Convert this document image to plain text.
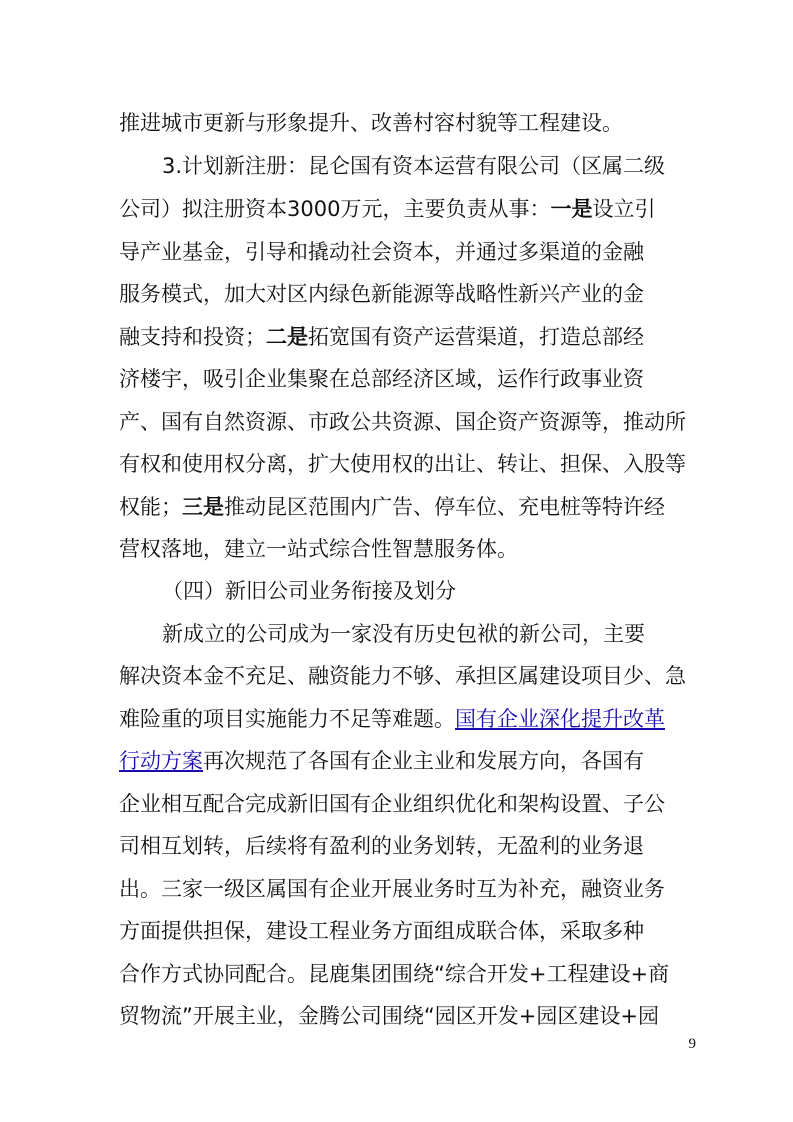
推进城市更新与形象提升、改善村容村貌等工程建设。
3.计划新注册：昆仑国有资本运营有限公司（区属二级
公司）拟注册资本3000万元，主要负责从事：一是设立引
导产业基金，引导和撬动社会资本，并通过多渠道的金融
服务模式，加大对区内绿色新能源等战略性新兴产业的金
融支持和投资；二是拓宽国有资产运营渠道，打造总部经
济楼宇，吸引企业集聚在总部经济区域，运作行政事业资
产、国有自然资源、市政公共资源、国企资产资源等，推动所
有权和使用权分离，扩大使用权的出让、转让、担保、入股等
权能；三是推动昆区范围内广告、停车位、充电桩等特许经
营权落地，建立一站式综合性智慧服务体。
（四）新旧公司业务衔接及划分
新成立的公司成为一家没有历史包袱的新公司，主要
解决资本金不充足、融资能力不够、承担区属建设项目少、急
难险重的项目实施能力不足等难题。国有企业深化提升改革
行动方案再次规范了各国有企业主业和发展方向，各国有
企业相互配合完成新旧国有企业组织优化和架构设置、子公
司相互划转，后续将有盈利的业务划转，无盈利的业务退
出。三家一级区属国有企业开展业务时互为补充，融资业务
方面提供担保，建设工程业务方面组成联合体，采取多种
合作方式协同配合。昆鹿集团围绕“综合开发+工程建设+商
贸物流”开展主业，金腾公司围绕“园区开发+园区建设+园
9
